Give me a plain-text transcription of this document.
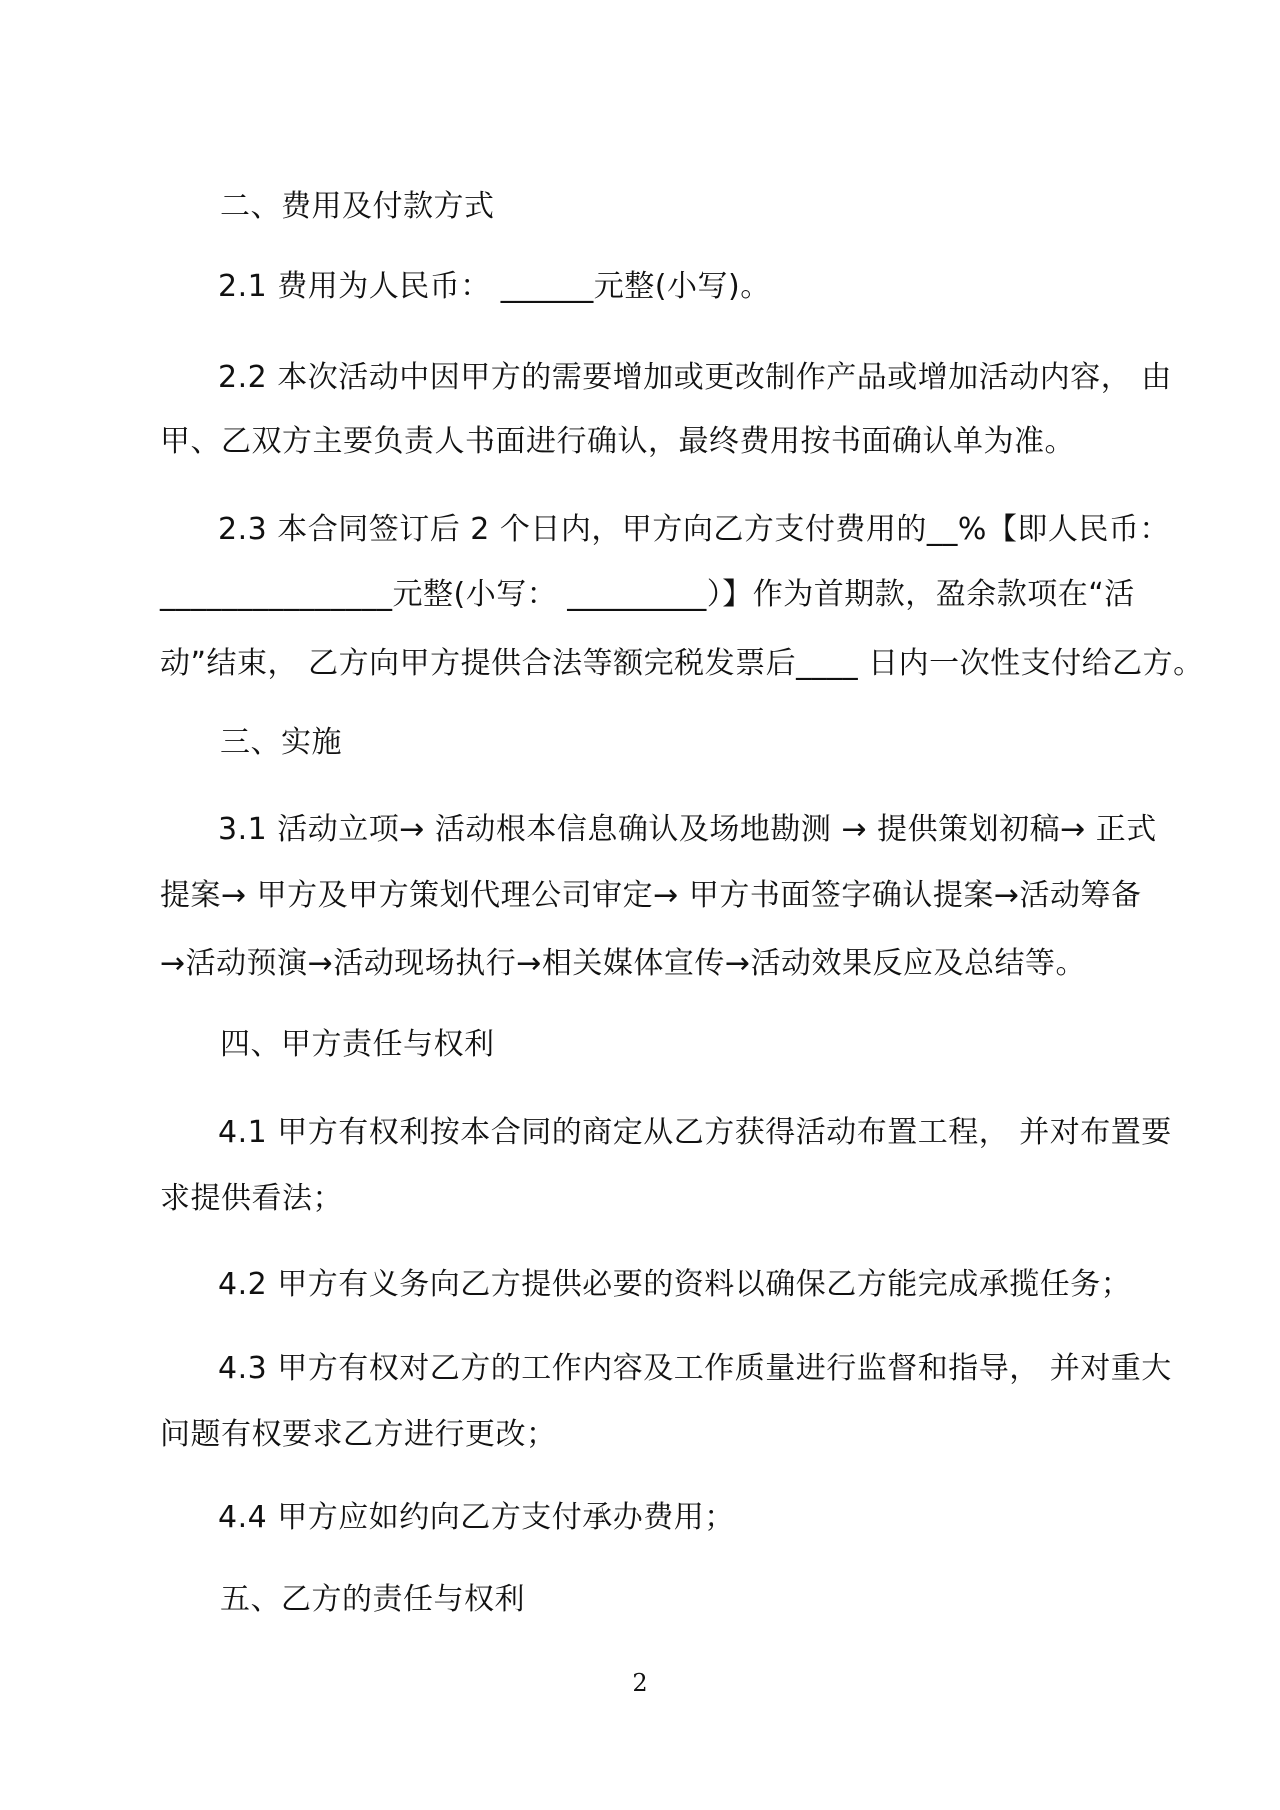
二、费用及付款方式
2.1 费用为人民币： ______元整(小写)。
2.2 本次活动中因甲方的需要增加或更改制作产品或增加活动内容， 由
甲、乙双方主要负责人书面进行确认，最终费用按书面确认单为准。
2.3 本合同签订后 2 个日内，甲方向乙方支付费用的__%【即人民币：
_______________元整(小写： _________）】作为首期款，盈余款项在“活
动”结束， 乙方向甲方提供合法等额完税发票后____ 日内一次性支付给乙方。
三、实施
3.1 活动立项→ 活动根本信息确认及场地勘测 → 提供策划初稿→ 正式
提案→ 甲方及甲方策划代理公司审定→ 甲方书面签字确认提案→活动筹备
→活动预演→活动现场执行→相关媒体宣传→活动效果反应及总结等。
四、甲方责任与权利
4.1 甲方有权利按本合同的商定从乙方获得活动布置工程， 并对布置要
求提供看法；
4.2 甲方有义务向乙方提供必要的资料以确保乙方能完成承揽任务；
4.3 甲方有权对乙方的工作内容及工作质量进行监督和指导， 并对重大
问题有权要求乙方进行更改；
4.4 甲方应如约向乙方支付承办费用；
五、乙方的责任与权利
2
